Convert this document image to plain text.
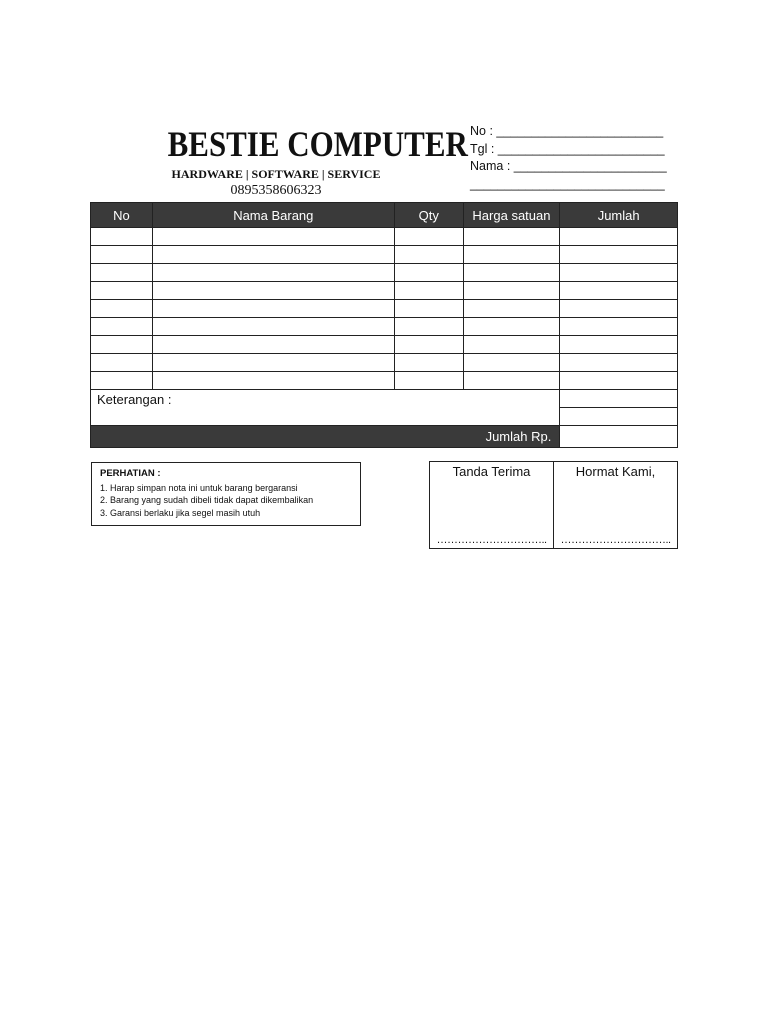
BESTIE COMPUTER
HARDWARE | SOFTWARE | SERVICE
0895358606323
No : ________________________
Tgl : ________________________
Nama : ______________________
____________________________
No	Nama Barang	Qty	Harga satuan	Jumlah

Keterangan :				

Jumlah Rp.				
PERHATIAN :
1. Harap simpan nota ini untuk barang bergaransi
2. Barang yang sudah dibeli tidak dapat dikembalikan
3. Garansi berlaku jika segel masih utuh
Tanda Terima
…………………………..
Hormat Kami,
…………………………..
